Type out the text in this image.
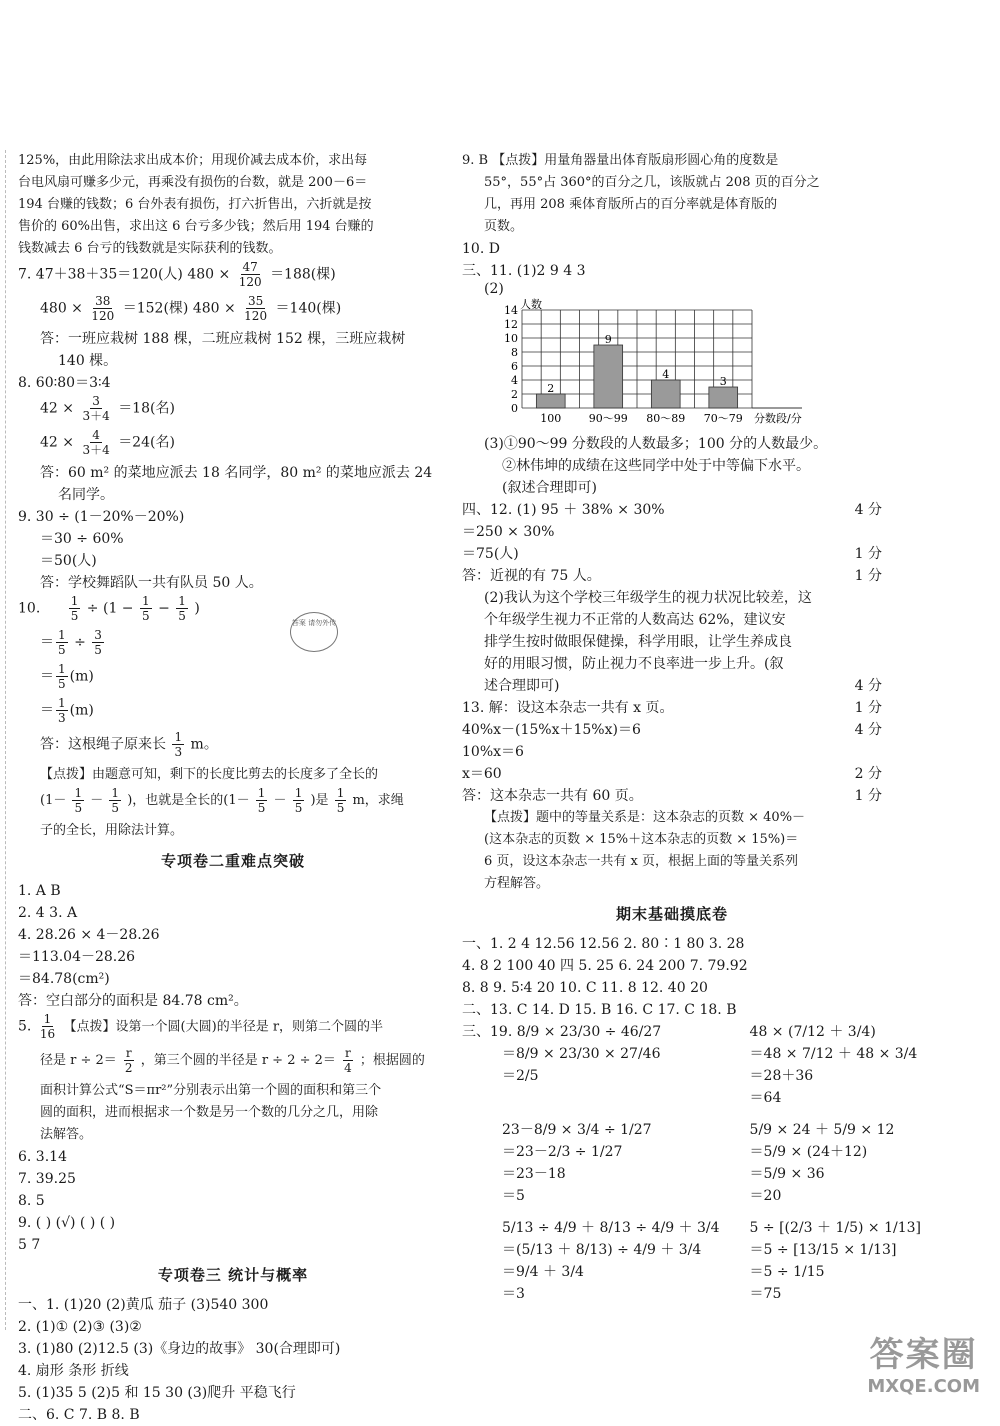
125%，由此用除法求出成本价；用现价减去成本价，求出每
台电风扇可赚多少元，再乘没有损伤的台数，就是 200－6＝
194 台赚的钱数；6 台外表有损伤，打六折售出，六折就是按
售价的 60%出售，求出这 6 台亏多少钱；然后用 194 台赚的
钱数减去 6 台亏的钱数就是实际获利的钱数。
7. 47＋38＋35＝120(人) $480 \times \frac{47}{120} =188$(棵)
$480 \times \frac{38}{120} =152$(棵) $480 \times \frac{35}{120} =140$(棵)
答：一班应栽树 188 棵，二班应栽树 152 棵，三班应栽树
140 棵。
8. 60∶80＝3∶4
$42 \times \frac{3}{3+4} =18$(名)
$42 \times \frac{4}{3+4} =24$(名)
答：60 m² 的菜地应派去 18 名同学，80 m² 的菜地应派去 24
名同学。
9. 30 ÷ (1－20%－20%)
＝30 ÷ 60%
＝50(人)
答：学校舞蹈队一共有队员 50 人。
10. $\frac{1}{5} \div (1 - \frac{1}{5} - \frac{1}{5}$ )
＝ $\frac{1}{5} \div \frac{3}{5}$
＝ $\frac{1}{5} (m)$
＝ $\frac{1}{3} (m)$
答：这根绳子原来长 $\frac{1}{3}$ m。
【点拨】由题意可知，剩下的长度比剪去的长度多了全长的
($1- \frac{1}{5} - \frac{1}{5}$ )，也就是全长的($1- \frac{1}{5} - \frac{1}{5}$ )是 $\frac{1}{5}$ m，求绳
子的全长，用除法计算。
专项卷二重难点突破
1. A B
2. 4 3. A
4. 28.26 × 4－28.26
＝113.04－28.26
＝84.78(cm²)
答：空白部分的面积是 84.78 cm²。
5. $\frac{1}{16}$ 【点拨】设第一个圆(大圆)的半径是 r，则第二个圆的半
径是 $r \div 2= \frac{r}{2}$ ，第三个圆的半径是 $r \div 2 \div 2= \frac{r}{4}$ ；根据圆的
面积计算公式“S＝πr²”分别表示出第一个圆的面积和第三个
圆的面积，进而根据求一个数是另一个数的几分之几，用除
法解答。
6. 3.14
7. 39.25
8. 5
9. ( ) (√) ( ) ( )
5 7
专项卷三 统计与概率
一、1. (1)20 (2)黄瓜 茄子 (3)540 300
2. (1)① (2)③ (3)②
3. (1)80 (2)12.5 (3)《身边的故事》 30(合理即可)
4. 扇形 条形 折线
5. (1)35 5 (2)5 和 15 30 (3)爬升 平稳飞行
二、6. C 7. B 8. B
答案 请勿外传
9. B 【点拨】用量角器量出体育版扇形圆心角的度数是
55°，55°占 360°的百分之几，该版就占 208 页的百分之
几，再用 208 乘体育版所占的百分率就是体育版的
页数。
10. D
三、11. (1)2 9 4 3
(2)
0
2
4
6
8
10
12
14 人数
2
100
9
90～99
4
80～89
3
70～79 分数段/分
(3)①90～99 分数段的人数最多；100 分的人数最少。
②林伟坤的成绩在这些同学中处于中等偏下水平。
(叙述合理即可)
四、12. (1) 95 ＋ 38% × 30%	4 分
＝250 × 30%
＝75(人)	1 分
答：近视的有 75 人。	1 分
(2)我认为这个学校三年级学生的视力状况比较差，这
个年级学生视力不正常的人数高达 62%，建议安
排学生按时做眼保健操，科学用眼，让学生养成良
好的用眼习惯，防止视力不良率进一步上升。(叙
述合理即可)	4 分
13. 解：设这本杂志一共有 x 页。	1 分
40%x－(15%x＋15%x)＝6	4 分
10%x＝6
x＝60	2 分
答：这本杂志一共有 60 页。	1 分
【点拨】题中的等量关系是：这本杂志的页数 × 40%－
(这本杂志的页数 × 15%＋这本杂志的页数 × 15%)＝
6 页，设这本杂志一共有 x 页，根据上面的等量关系列
方程解答。
期末基础摸底卷
一、1. 2 4 12.56 12.56 2. 80∶1 80 3. 28
4. 8 2 100 40 四 5. 25 6. 24 200 7. 79.92
8. 8 9. 5∶4 20 10. C 11. 8 12. 40 20
二、13. C 14. D 15. B 16. C 17. C 18. B
三、19. 8/9 × 23/30 ÷ 46/27
＝8/9 × 23/30 × 27/46
＝2/5
48 × (7/12 ＋ 3/4)
＝48 × 7/12 ＋ 48 × 3/4
＝28＋36
＝64
23－8/9 × 3/4 ÷ 1/27
＝23－2/3 ÷ 1/27
＝23－18
＝5
5/9 × 24 ＋ 5/9 × 12
＝5/9 × (24＋12)
＝5/9 × 36
＝20
5/13 ÷ 4/9 ＋ 8/13 ÷ 4/9 ＋ 3/4
＝(5/13 ＋ 8/13) ÷ 4/9 ＋ 3/4
＝9/4 ＋ 3/4
＝3
5 ÷ [(2/3 ＋ 1/5) × 1/13]
＝5 ÷ [13/15 × 1/13]
＝5 ÷ 1/15
＝75
答案圈
MXQE.COM
